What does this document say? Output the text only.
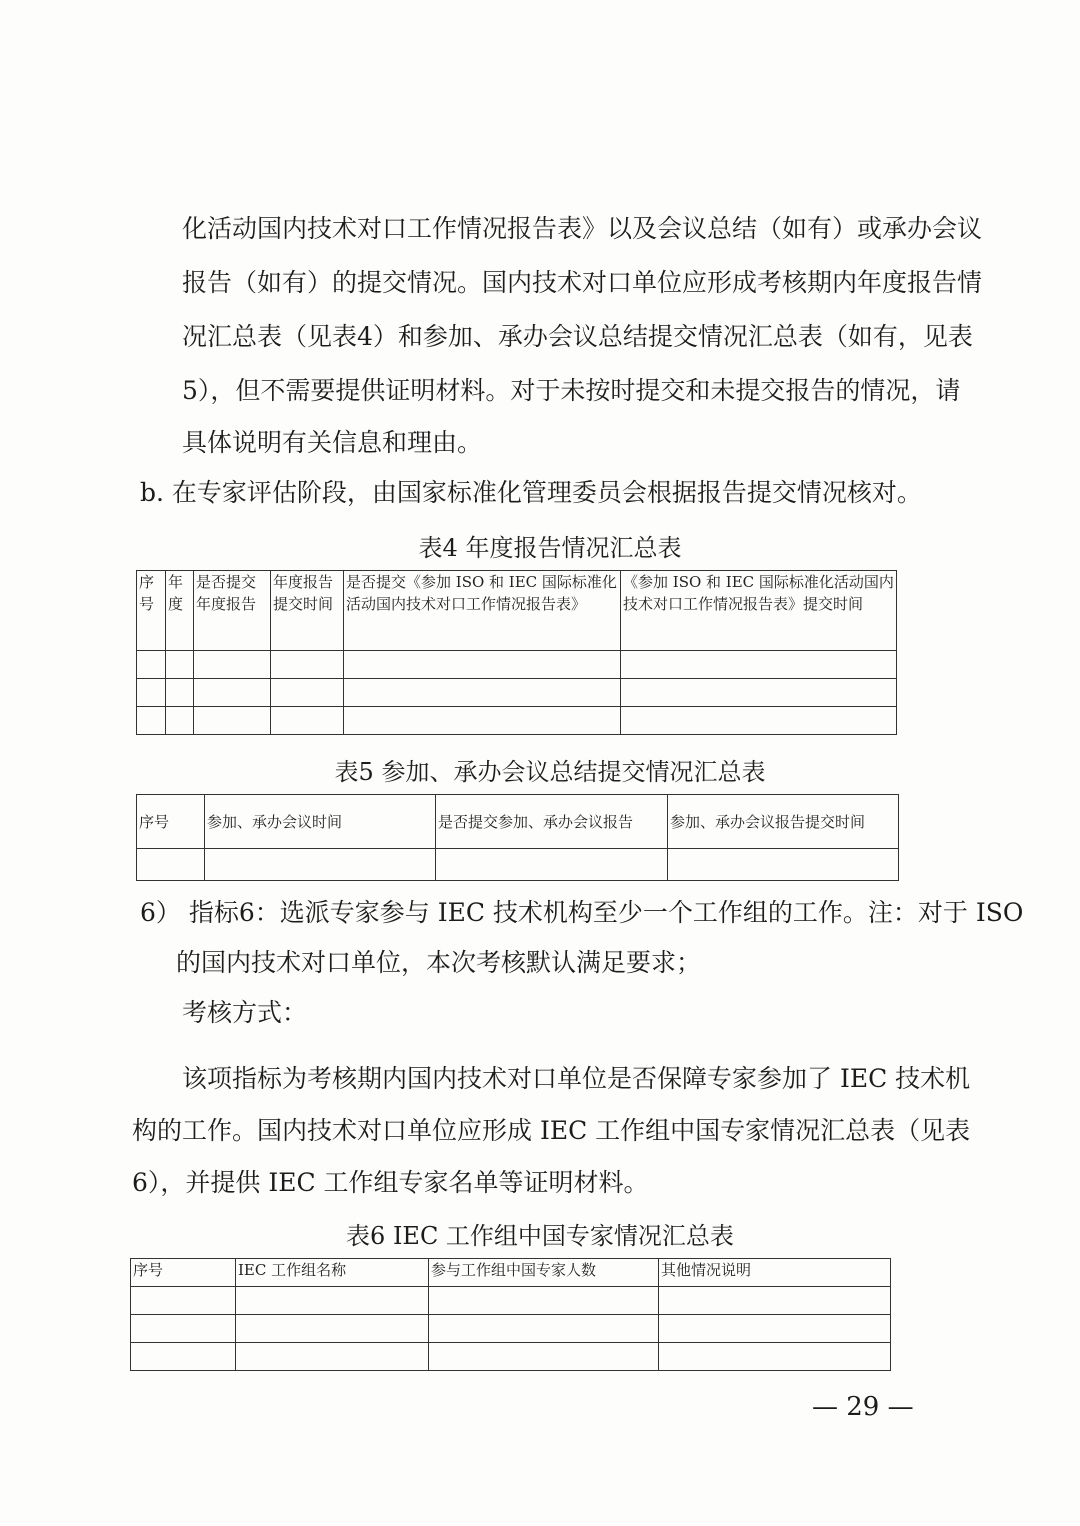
化活动国内技术对口工作情况报告表》以及会议总结（如有）或承办会议
报告（如有）的提交情况。国内技术对口单位应形成考核期内年度报告情
况汇总表（见表4）和参加、承办会议总结提交情况汇总表（如有，见表
5），但不需要提供证明材料。对于未按时提交和未提交报告的情况，请
具体说明有关信息和理由。
b. 在专家评估阶段，由国家标准化管理委员会根据报告提交情况核对。
表4 年度报告情况汇总表
序号	年度	是否提交年度报告	年度报告提交时间	是否提交《参加 ISO 和 IEC 国际标准化活动国内技术对口工作情况报告表》	《参加 ISO 和 IEC 国际标准化活动国内技术对口工作情况报告表》提交时间

表5 参加、承办会议总结提交情况汇总表
序号	参加、承办会议时间	是否提交参加、承办会议报告	参加、承办会议报告提交时间

6） 指标6：选派专家参与 IEC 技术机构至少一个工作组的工作。注：对于 ISO
的国内技术对口单位，本次考核默认满足要求；
考核方式：
该项指标为考核期内国内技术对口单位是否保障专家参加了 IEC 技术机
构的工作。国内技术对口单位应形成 IEC 工作组中国专家情况汇总表（见表
6），并提供 IEC 工作组专家名单等证明材料。
表6 IEC 工作组中国专家情况汇总表
序号	IEC 工作组名称	参与工作组中国专家人数	其他情况说明

— 29 —
